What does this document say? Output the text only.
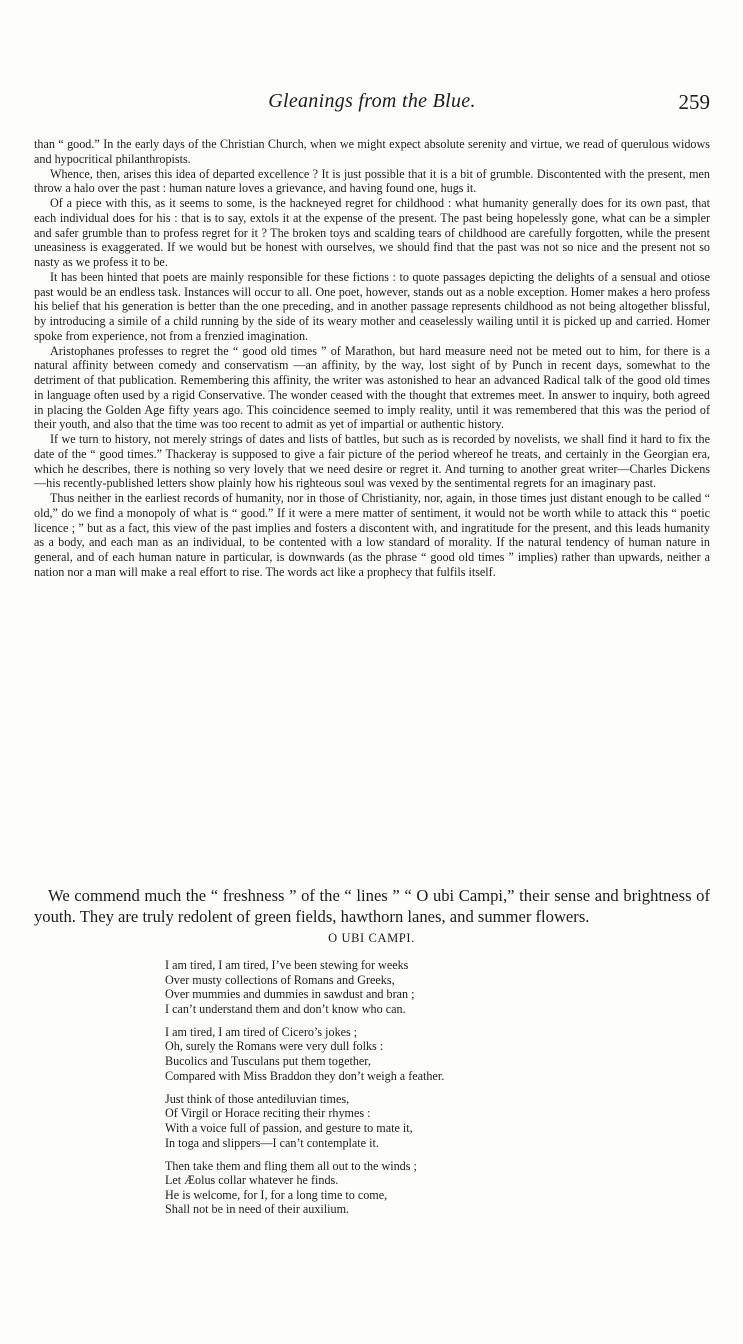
Gleanings from the Blue.	259

than “ good.” In the early days of the Christian Church, when we might expect absolute serenity and virtue, we read of querulous widows and hypocritical philanthropists.

Whence, then, arises this idea of departed excellence ? It is just possible that it is a bit of grumble. Discontented with the present, men throw a halo over the past : human nature loves a grievance, and having found one, hugs it.

Of a piece with this, as it seems to some, is the hackneyed regret for childhood : what humanity generally does for its own past, that each individual does for his : that is to say, extols it at the expense of the present. The past being hopelessly gone, what can be a simpler and safer grumble than to profess regret for it ? The broken toys and scalding tears of childhood are carefully forgotten, while the present uneasiness is exaggerated. If we would but be honest with ourselves, we should find that the past was not so nice and the present not so nasty as we profess it to be.

It has been hinted that poets are mainly responsible for these fictions : to quote passages depicting the delights of a sensual and otiose past would be an endless task. Instances will occur to all. One poet, however, stands out as a noble exception. Homer makes a hero profess his belief that his generation is better than the one preceding, and in another passage represents childhood as not being altogether blissful, by introducing a simile of a child running by the side of its weary mother and ceaselessly wailing until it is picked up and carried. Homer spoke from experience, not from a frenzied imagination.

Aristophanes professes to regret the “ good old times ” of Marathon, but hard measure need not be meted out to him, for there is a natural affinity between comedy and conservatism —an affinity, by the way, lost sight of by Punch in recent days, somewhat to the detriment of that publication. Remembering this affinity, the writer was astonished to hear an advanced Radical talk of the good old times in language often used by a rigid Conservative. The wonder ceased with the thought that extremes meet. In answer to inquiry, both agreed in placing the Golden Age fifty years ago. This coincidence seemed to imply reality, until it was remembered that this was the period of their youth, and also that the time was too recent to admit as yet of impartial or authentic history.

If we turn to history, not merely strings of dates and lists of battles, but such as is recorded by novelists, we shall find it hard to fix the date of the “ good times.” Thackeray is supposed to give a fair picture of the period whereof he treats, and certainly in the Georgian era, which he describes, there is nothing so very lovely that we need desire or regret it. And turning to another great writer—Charles Dickens—his recently-published letters show plainly how his righteous soul was vexed by the sentimental regrets for an imaginary past.

Thus neither in the earliest records of humanity, nor in those of Christianity, nor, again, in those times just distant enough to be called “ old,” do we find a monopoly of what is “ good.” If it were a mere matter of sentiment, it would not be worth while to attack this “ poetic licence ; ” but as a fact, this view of the past implies and fosters a discontent with, and ingratitude for the present, and this leads humanity as a body, and each man as an individual, to be contented with a low standard of morality. If the natural tendency of human nature in general, and of each human nature in particular, is downwards (as the phrase “ good old times ” implies) rather than upwards, neither a nation nor a man will make a real effort to rise. The words act like a prophecy that fulfils itself.

We commend much the “ freshness ” of the “ lines ” “ O ubi Campi,” their sense and brightness of youth. They are truly redolent of green fields, hawthorn lanes, and summer flowers.

O UBI CAMPI.
I am tired, I am tired, I’ve been stewing for weeks
Over musty collections of Romans and Greeks,
Over mummies and dummies in sawdust and bran ;
I can’t understand them and don’t know who can.
I am tired, I am tired of Cicero’s jokes ;
Oh, surely the Romans were very dull folks :
Bucolics and Tusculans put them together,
Compared with Miss Braddon they don’t weigh a feather.
Just think of those antediluvian times,
Of Virgil or Horace reciting their rhymes :
With a voice full of passion, and gesture to mate it,
In toga and slippers—I can’t contemplate it.
Then take them and fling them all out to the winds ;
Let Æolus collar whatever he finds.
He is welcome, for I, for a long time to come,
Shall not be in need of their auxilium.
